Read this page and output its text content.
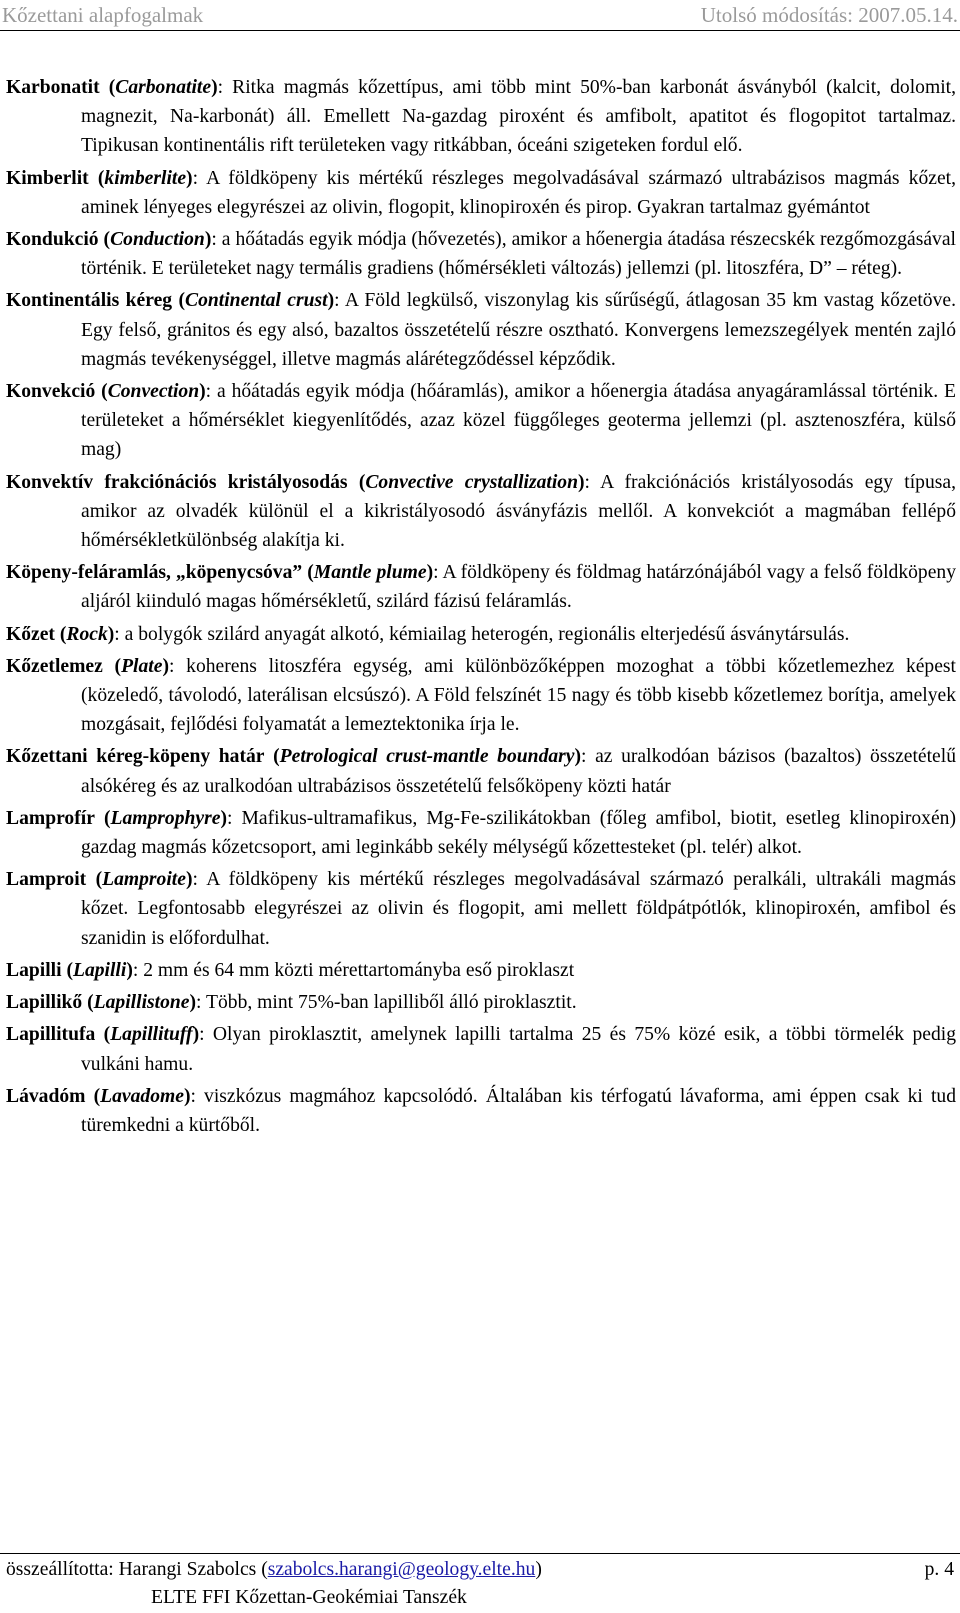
Kőzettani alapfogalmak	Utolsó módosítás: 2007.05.14.

Karbonatit (Carbonatite): Ritka magmás kőzettípus, ami több mint 50%-ban karbonát ásványból (kalcit, dolomit, magnezit, Na-karbonát) áll. Emellett Na-gazdag piroxént és amfibolt, apatitot és flogopitot tartalmaz. Tipikusan kontinentális rift területeken vagy ritkábban, óceáni szigeteken fordul elő.

Kimberlit (kimberlite): A földköpeny kis mértékű részleges megolvadásával származó ultrabázisos magmás kőzet, aminek lényeges elegyrészei az olivin, flogopit, klinopiroxén és pirop. Gyakran tartalmaz gyémántot

Kondukció (Conduction): a hőátadás egyik módja (hővezetés), amikor a hőenergia átadása részecskék rezgőmozgásával történik. E területeket nagy termális gradiens (hőmérsékleti változás) jellemzi (pl. litoszféra, D” – réteg).

Kontinentális kéreg (Continental crust): A Föld legkülső, viszonylag kis sűrűségű, átlagosan 35 km vastag kőzetöve. Egy felső, gránitos és egy alsó, bazaltos összetételű részre osztható. Konvergens lemezszegélyek mentén zajló magmás tevékenységgel, illetve magmás alárétegződéssel képződik.

Konvekció (Convection): a hőátadás egyik módja (hőáramlás), amikor a hőenergia átadása anyagáramlással történik. E területeket a hőmérséklet kiegyenlítődés, azaz közel függőleges geoterma jellemzi (pl. asztenoszféra, külső mag)

Konvektív frakciónációs kristályosodás (Convective crystallization): A frakciónációs kristályosodás egy típusa, amikor az olvadék különül el a kikristályosodó ásványfázis mellől. A konvekciót a magmában fellépő hőmérsékletkülönbség alakítja ki.

Köpeny-feláramlás, „köpenycsóva” (Mantle plume): A földköpeny és földmag határzónájából vagy a felső földköpeny aljáról kiinduló magas hőmérsékletű, szilárd fázisú feláramlás.

Kőzet (Rock): a bolygók szilárd anyagát alkotó, kémiailag heterogén, regionális elterjedésű ásványtársulás.

Kőzetlemez (Plate): koherens litoszféra egység, ami különbözőképpen mozoghat a többi kőzetlemezhez képest (közeledő, távolodó, laterálisan elcsúszó). A Föld felszínét 15 nagy és több kisebb kőzetlemez borítja, amelyek mozgásait, fejlődési folyamatát a lemeztektonika írja le.

Kőzettani kéreg-köpeny határ (Petrological crust-mantle boundary): az uralkodóan bázisos (bazaltos) összetételű alsókéreg és az uralkodóan ultrabázisos összetételű felsőköpeny közti határ

Lamprofír (Lamprophyre): Mafikus-ultramafikus, Mg-Fe-szilikátokban (főleg amfibol, biotit, esetleg klinopiroxén) gazdag magmás kőzetcsoport, ami leginkább sekély mélységű kőzettesteket (pl. telér) alkot.

Lamproit (Lamproite): A földköpeny kis mértékű részleges megolvadásával származó peralkáli, ultrakáli magmás kőzet. Legfontosabb elegyrészei az olivin és flogopit, ami mellett földpátpótlók, klinopiroxén, amfibol és szanidin is előfordulhat.

Lapilli (Lapilli): 2 mm és 64 mm közti mérettartományba eső piroklaszt

Lapillikő (Lapillistone): Több, mint 75%-ban lapilliből álló piroklasztit.

Lapillitufa (Lapillituff): Olyan piroklasztit, amelynek lapilli tartalma 25 és 75% közé esik, a többi törmelék pedig vulkáni hamu.

Lávadóm (Lavadome): viszkózus magmához kapcsolódó. Általában kis térfogatú lávaforma, ami éppen csak ki tud türemkedni a kürtőből.

összeállította: Harangi Szabolcs (szabolcs.harangi@geology.elte.hu)	p. 4
ELTE FFI Kőzettan-Geokémiai Tanszék
